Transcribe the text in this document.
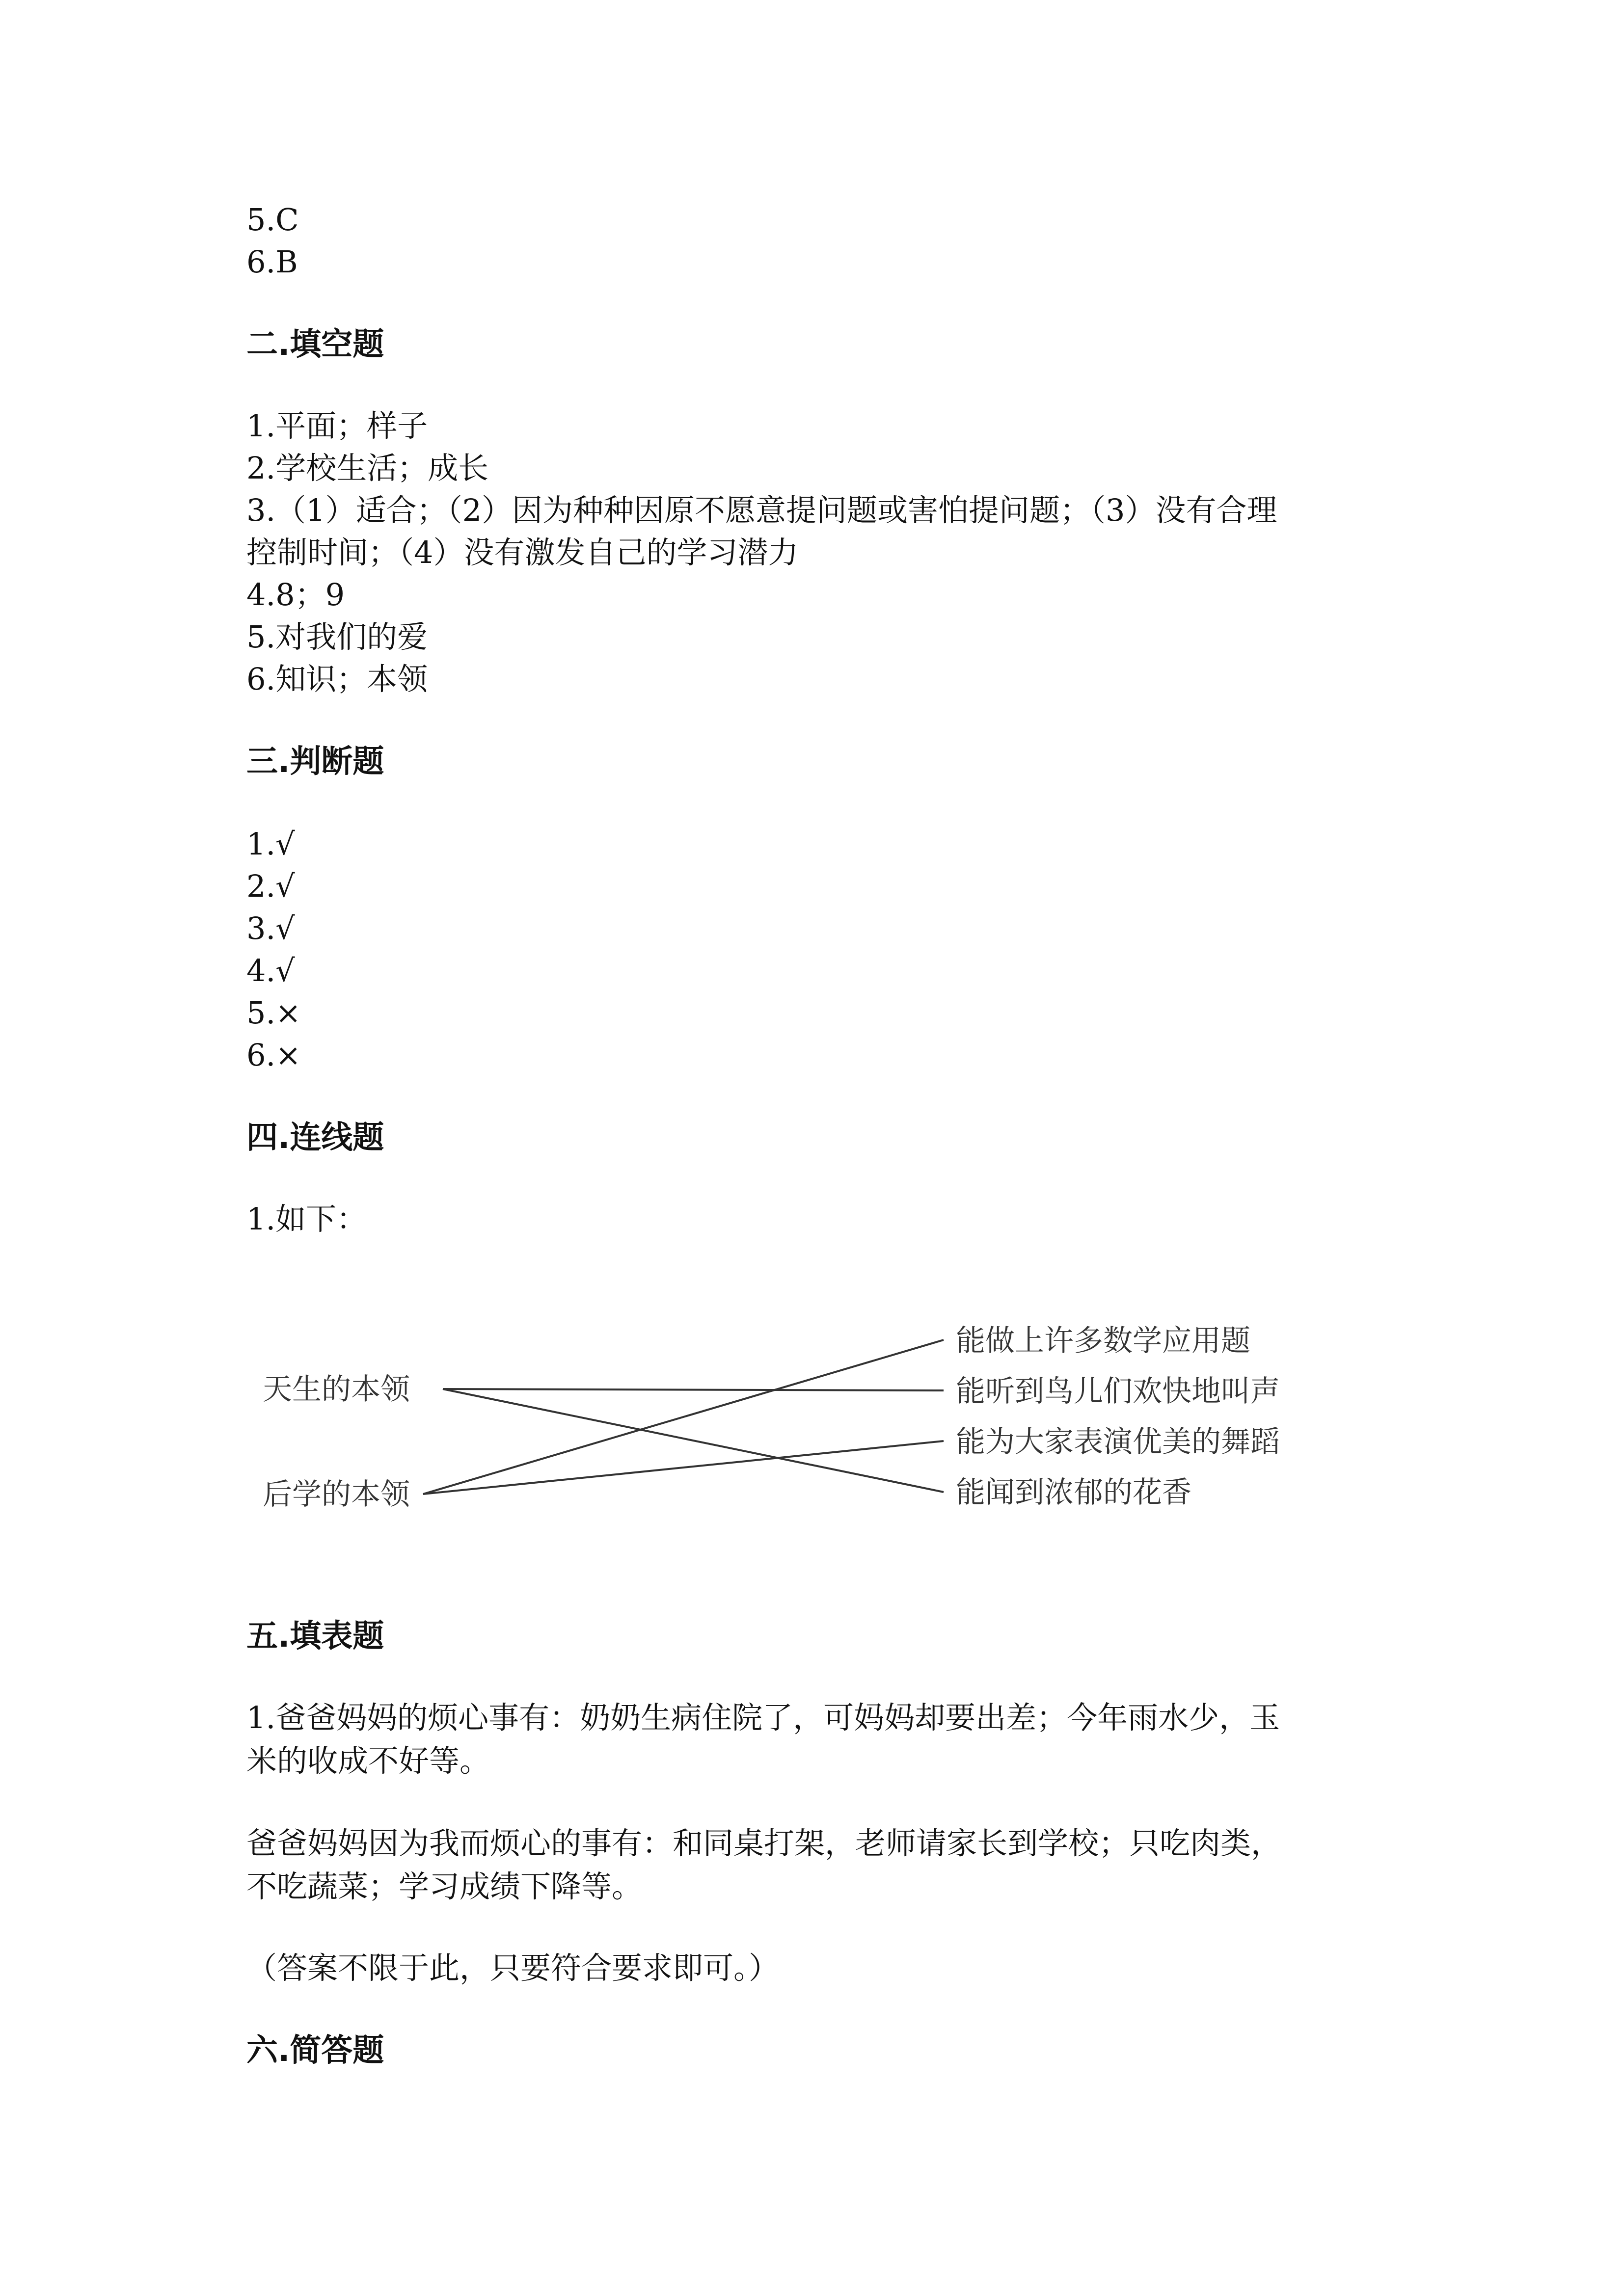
5.C
6.B
二.填空题
1.平面；样子
2.学校生活；成长
3.（1）适合；（2）因为种种因原不愿意提问题或害怕提问题；（3）没有合理
控制时间；（4）没有激发自己的学习潜力
4.8；9
5.对我们的爱
6.知识；本领
三.判断题
1.√
2.√
3.√
4.√
5.×
6.×
四.连线题
1.如下：
天生的本领
后学的本领
能做上许多数学应用题
能听到鸟儿们欢快地叫声
能为大家表演优美的舞蹈
能闻到浓郁的花香
五.填表题
1.爸爸妈妈的烦心事有：奶奶生病住院了，可妈妈却要出差；今年雨水少，玉
米的收成不好等。
爸爸妈妈因为我而烦心的事有：和同桌打架，老师请家长到学校；只吃肉类，
不吃蔬菜；学习成绩下降等。
（答案不限于此，只要符合要求即可。）
六.简答题
